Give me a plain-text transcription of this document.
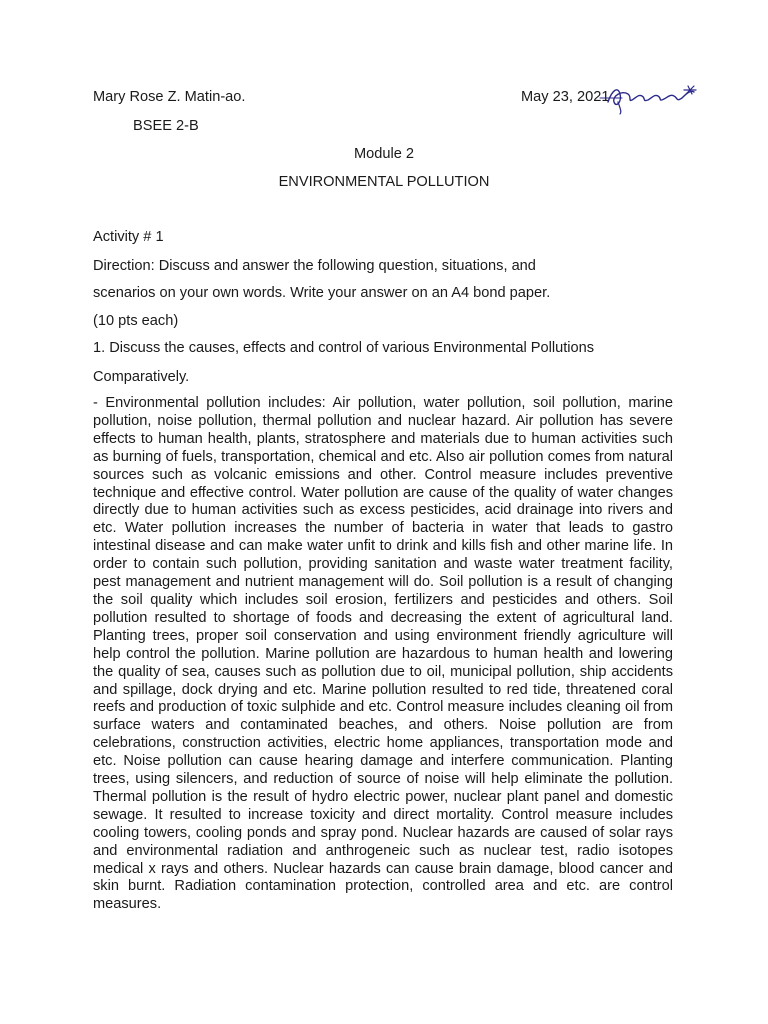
Mary Rose Z. Matin-ao.	May 23, 2021
BSEE 2-B
Module 2
ENVIRONMENTAL POLLUTION
Activity # 1
Direction: Discuss and answer the following question, situations, and
scenarios on your own words. Write your answer on an A4 bond paper.
(10 pts each)
1. Discuss the causes, effects and control of various Environmental Pollutions
Comparatively.

- Environmental pollution includes: Air pollution, water pollution, soil pollution, marine pollution, noise pollution, thermal pollution and nuclear hazard. Air pollution has severe effects to human health, plants, stratosphere and materials due to human activities such as burning of fuels, transportation, chemical and etc. Also air pollution comes from natural sources such as volcanic emissions and other. Control measure includes preventive technique and effective control. Water pollution are cause of the quality of water changes directly due to human activities such as excess pesticides, acid drainage into rivers and etc. Water pollution increases the number of bacteria in water that leads to gastro intestinal disease and can make water unfit to drink and kills fish and other marine life. In order to contain such pollution, providing sanitation and waste water treatment facility, pest management and nutrient management will do. Soil pollution is a result of changing the soil quality which includes soil erosion, fertilizers and pesticides and others. Soil pollution resulted to shortage of foods and decreasing the extent of agricultural land. Planting trees, proper soil conservation and using environment friendly agriculture will help control the pollution. Marine pollution are hazardous to human health and lowering the quality of sea, causes such as pollution due to oil, municipal pollution, ship accidents and spillage, dock drying and etc. Marine pollution resulted to red tide, threatened coral reefs and production of toxic sulphide and etc. Control measure includes cleaning oil from surface waters and contaminated beaches, and others. Noise pollution are from celebrations, construction activities, electric home appliances, transportation mode and etc. Noise pollution can cause hearing damage and interfere communication. Planting trees, using silencers, and reduction of source of noise will help eliminate the pollution. Thermal pollution is the result of hydro electric power, nuclear plant panel and domestic sewage. It resulted to increase toxicity and direct mortality. Control measure includes cooling towers, cooling ponds and spray pond. Nuclear hazards are caused of solar rays and environmental radiation and anthrogeneic such as nuclear test, radio isotopes medical x rays and others. Nuclear hazards can cause brain damage, blood cancer and skin burnt. Radiation contamination protection, controlled area and etc. are control measures.
